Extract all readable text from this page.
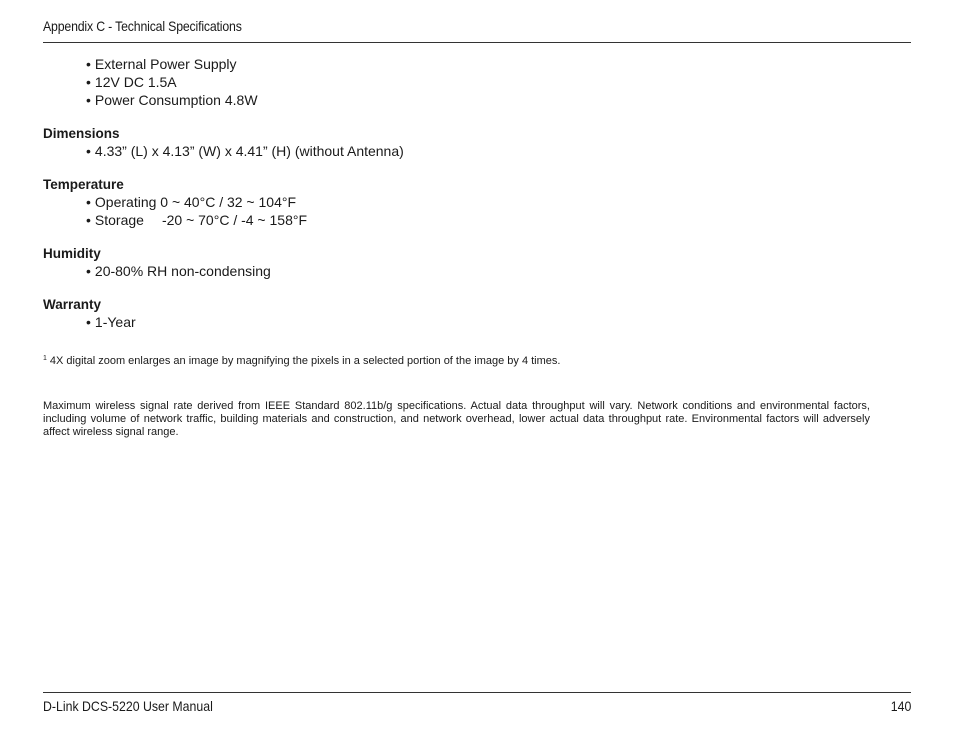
Appendix C - Technical Specifications
• External Power Supply
• 12V DC 1.5A
• Power Consumption 4.8W

Dimensions

• 4.33” (L) x 4.13” (W) x 4.41” (H) (without Antenna)

Temperature

• Operating 0 ~ 40°C / 32 ~ 104°F
• Storage -20 ~ 70°C / -4 ~ 158°F

Humidity

• 20-80% RH non-condensing

Warranty

• 1-Year
$^1$ 4X digital zoom enlarges an image by magnifying the pixels in a selected portion of the image by 4 times.
Maximum wireless signal rate derived from IEEE Standard 802.11b/g specifications. Actual data throughput will vary. Network conditions and environmental factors, including volume of network traffic, building materials and construction, and network overhead, lower actual data throughput rate. Environmental factors will adversely affect wireless signal range.
D-Link DCS-5220 User Manual	140
